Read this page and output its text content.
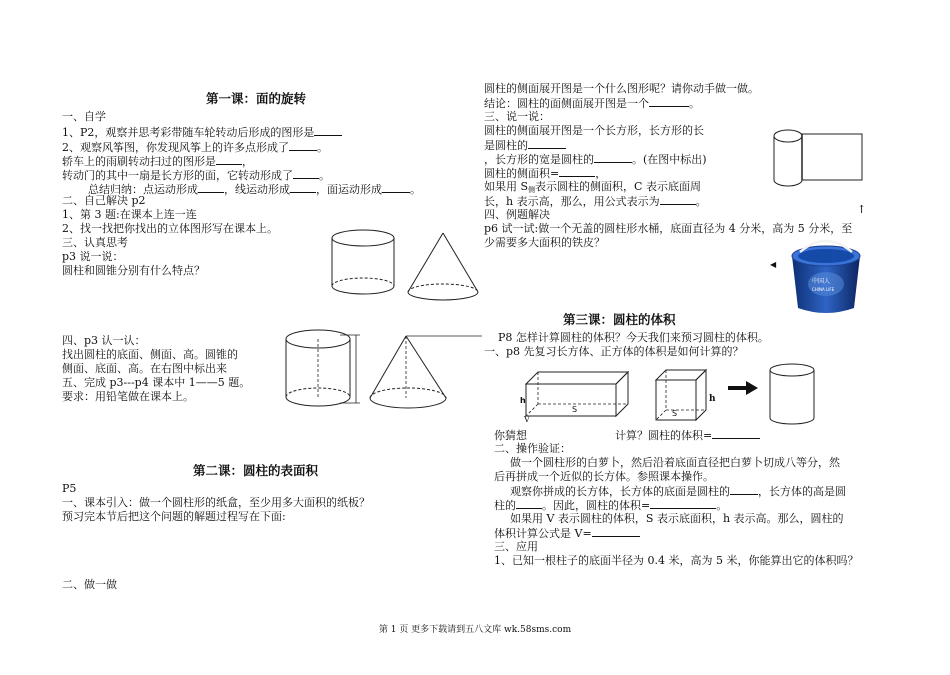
第一课：面的旋转
一、自学
1、P2，观察并思考彩带随车轮转动后形成的图形是
2、观察风筝图，你发现风筝上的许多点形成了	。
轿车上的雨刷转动扫过的图形是 ，
转动门的其中一扇是长方形的面，它转动形成了 。
总结归纳：点运动形成 ，线运动形成 ，面运动形成	。
二、自己解决 p2
1、第 3 题:在课本上连一连
2、找一找把你找出的立体图形写在课本上。
三、认真思考
p3 说一说：
圆柱和圆锥分别有什么特点？
四、p3 认一认：
找出圆柱的底面、侧面、高。圆锥的
侧面、底面、高。在右图中标出来
五、完成 p3---p4 课本中 1——5 题。
要求：用铅笔做在课本上。
第二课：圆柱的表面积
P5
一、课本引入：做一个圆柱形的纸盒，至少用多大面积的纸板？
预习完本节后把这个问题的解题过程写在下面:
二、做一做
圆柱的侧面展开图是一个什么图形呢？请你动手做一做。
结论：圆柱的面侧面展开图是一个	。
三、说一说：
圆柱的侧面展开图是一个长方形，长方形的长
是圆柱的
，长方形的宽是圆柱的	。(在图中标出)
圆柱的侧面积=	，
如果用 S侧表示圆柱的侧面积，C 表示底面周
长，h 表示高，那么，用公式表示为	。
四、例题解决
p6 试一试:做一个无盖的圆柱形水桶，底面直径为 4 分米，高为 5 分米，至
少需要多大面积的铁皮？
↑
中国人
CHINA LIFE
◀
第三课：圆柱的体积
P8 怎样计算圆柱的体积？今天我们来预习圆柱的体积。
一、p8 先复习长方体、正方体的体积是如何计算的？
S
h
V
S
h
你猜想	计算？圆柱的体积=
二、操作验证：
做一个圆柱形的白萝卜，然后沿着底面直径把白萝卜切成八等分，然
后再拼成一个近似的长方体。参照课本操作。
观察你拼成的长方体，长方体的底面是圆柱的	，长方体的高是圆
柱的 。因此，圆柱的体积=	。
如果用 V 表示圆柱的体积，S 表示底面积，h 表示高。那么，圆柱的
体积计算公式是 V=
三、应用
1、已知一根柱子的底面半径为 0.4 米，高为 5 米，你能算出它的体积吗？
第 1 页 更多下载请到五八文库 wk.58sms.com
